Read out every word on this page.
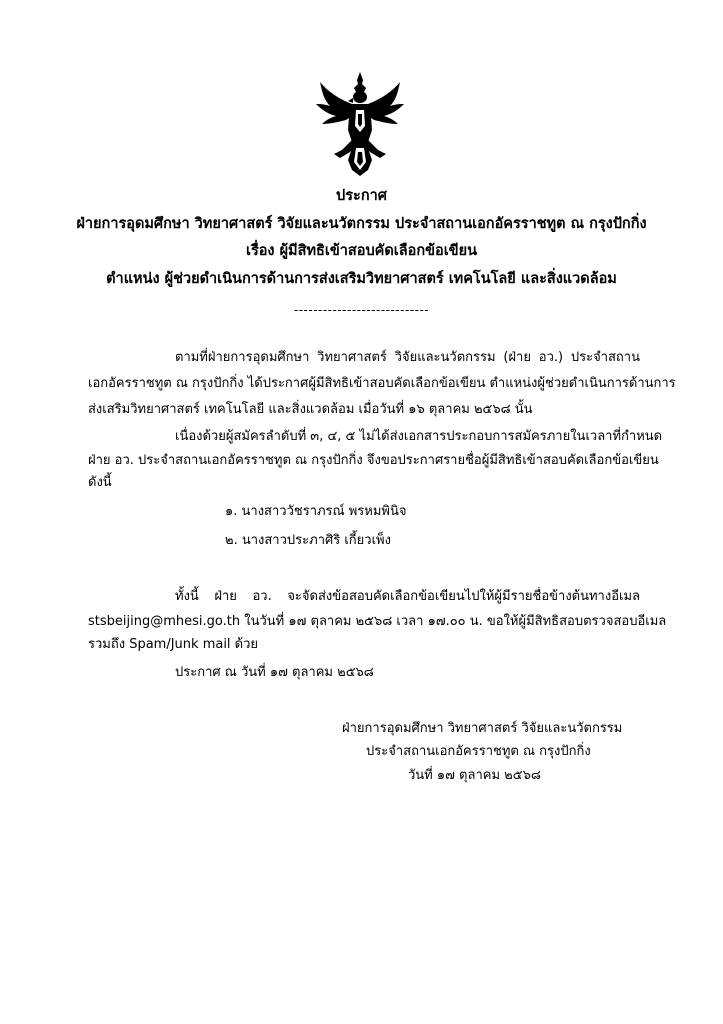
ประกาศ
ฝ่ายการอุดมศึกษา วิทยาศาสตร์ วิจัยและนวัตกรรม ประจำสถานเอกอัครราชทูต ณ กรุงปักกิ่ง
เรื่อง ผู้มีสิทธิเข้าสอบคัดเลือกข้อเขียน
ตำแหน่ง ผู้ช่วยดำเนินการด้านการส่งเสริมวิทยาศาสตร์ เทคโนโลยี และสิ่งแวดล้อม
----------------------------
ตามที่ฝ่ายการอุดมศึกษา วิทยาศาสตร์ วิจัยและนวัตกรรม (ฝ่าย อว.) ประจำสถาน
เอกอัครราชทูต ณ กรุงปักกิ่ง ได้ประกาศผู้มีสิทธิเข้าสอบคัดเลือกข้อเขียน ตำแหน่งผู้ช่วยดำเนินการด้านการ
ส่งเสริมวิทยาศาสตร์ เทคโนโลยี และสิ่งแวดล้อม เมื่อวันที่ ๑๖ ตุลาคม ๒๕๖๘ นั้น
เนื่องด้วยผู้สมัครลำดับที่ ๓, ๔, ๕ ไม่ได้ส่งเอกสารประกอบการสมัครภายในเวลาที่กำหนด
ฝ่าย อว. ประจำสถานเอกอัครราชทูต ณ กรุงปักกิ่ง จึงขอประกาศรายชื่อผู้มีสิทธิเข้าสอบคัดเลือกข้อเขียน
ดังนี้
๑. นางสาววัชราภรณ์ พรหมพินิจ
๒. นางสาวประภาศิริ เกี้ยวเพ็ง
ทั้งนี้ ฝ่าย อว. จะจัดส่งข้อสอบคัดเลือกข้อเขียนไปให้ผู้มีรายชื่อข้างต้นทางอีเมล
stsbeijing@mhesi.go.th ในวันที่ ๑๗ ตุลาคม ๒๕๖๘ เวลา ๑๗.๐๐ น. ขอให้ผู้มีสิทธิสอบตรวจสอบอีเมล
รวมถึง Spam/Junk mail ด้วย
ประกาศ ณ วันที่ ๑๗ ตุลาคม ๒๕๖๘
ฝ่ายการอุดมศึกษา วิทยาศาสตร์ วิจัยและนวัตกรรม
ประจำสถานเอกอัครราชทูต ณ กรุงปักกิ่ง
วันที่ ๑๗ ตุลาคม ๒๕๖๘
